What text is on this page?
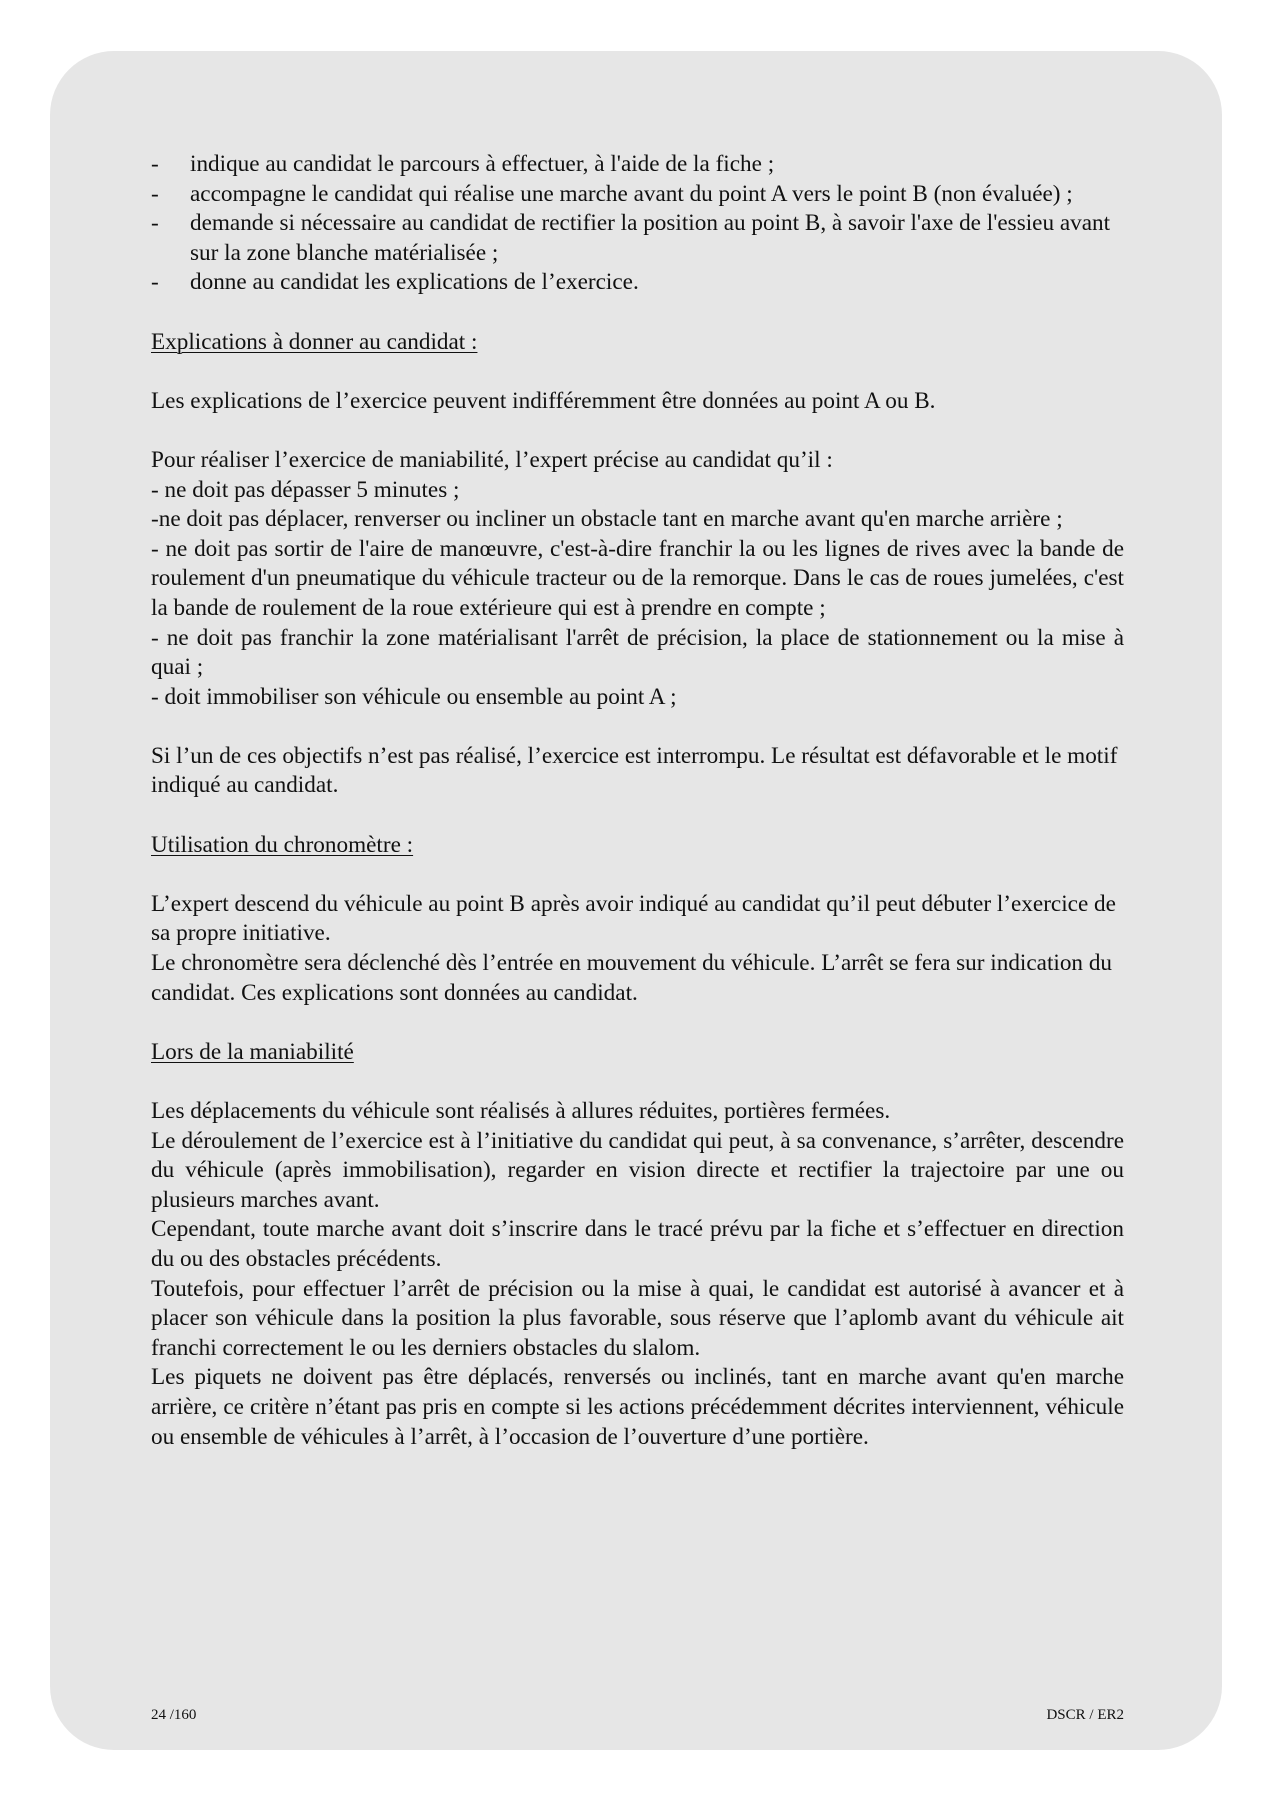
- indique au candidat le parcours à effectuer, à l'aide de la fiche ;
- accompagne le candidat qui réalise une marche avant du point A vers le point B (non évaluée) ;
- demande si nécessaire au candidat de rectifier la position au point B, à savoir l'axe de l'essieu avant sur la zone blanche matérialisée ;
- donne au candidat les explications de l’exercice.

Explications à donner au candidat :

Les explications de l’exercice peuvent indifféremment être données au point A ou B.

Pour réaliser l’exercice de maniabilité, l’expert précise au candidat qu’il :

- ne doit pas dépasser 5 minutes ;

-ne doit pas déplacer, renverser ou incliner un obstacle tant en marche avant qu'en marche arrière ;

- ne doit pas sortir de l'aire de manœuvre, c'est-à-dire franchir la ou les lignes de rives avec la bande de roulement d'un pneumatique du véhicule tracteur ou de la remorque. Dans le cas de roues jumelées, c'est la bande de roulement de la roue extérieure qui est à prendre en compte ;

- ne doit pas franchir la zone matérialisant l'arrêt de précision, la place de stationnement ou la mise à quai ;

- doit immobiliser son véhicule ou ensemble au point A ;

Si l’un de ces objectifs n’est pas réalisé, l’exercice est interrompu. Le résultat est défavorable et le motif indiqué au candidat.

Utilisation du chronomètre :

L’expert descend du véhicule au point B après avoir indiqué au candidat qu’il peut débuter l’exercice de sa propre initiative.

Le chronomètre sera déclenché dès l’entrée en mouvement du véhicule. L’arrêt se fera sur indication du candidat. Ces explications sont données au candidat.

Lors de la maniabilité

Les déplacements du véhicule sont réalisés à allures réduites, portières fermées.

Le déroulement de l’exercice est à l’initiative du candidat qui peut, à sa convenance, s’arrêter, descendre du véhicule (après immobilisation), regarder en vision directe et rectifier la trajectoire par une ou plusieurs marches avant.

Cependant, toute marche avant doit s’inscrire dans le tracé prévu par la fiche et s’effectuer en direction du ou des obstacles précédents.

Toutefois, pour effectuer l’arrêt de précision ou la mise à quai, le candidat est autorisé à avancer et à placer son véhicule dans la position la plus favorable, sous réserve que l’aplomb avant du véhicule ait franchi correctement le ou les derniers obstacles du slalom.

Les piquets ne doivent pas être déplacés, renversés ou inclinés, tant en marche avant qu'en marche arrière, ce critère n’étant pas pris en compte si les actions précédemment décrites interviennent, véhicule ou ensemble de véhicules à l’arrêt, à l’occasion de l’ouverture d’une portière.

24 /160	DSCR / ER2
